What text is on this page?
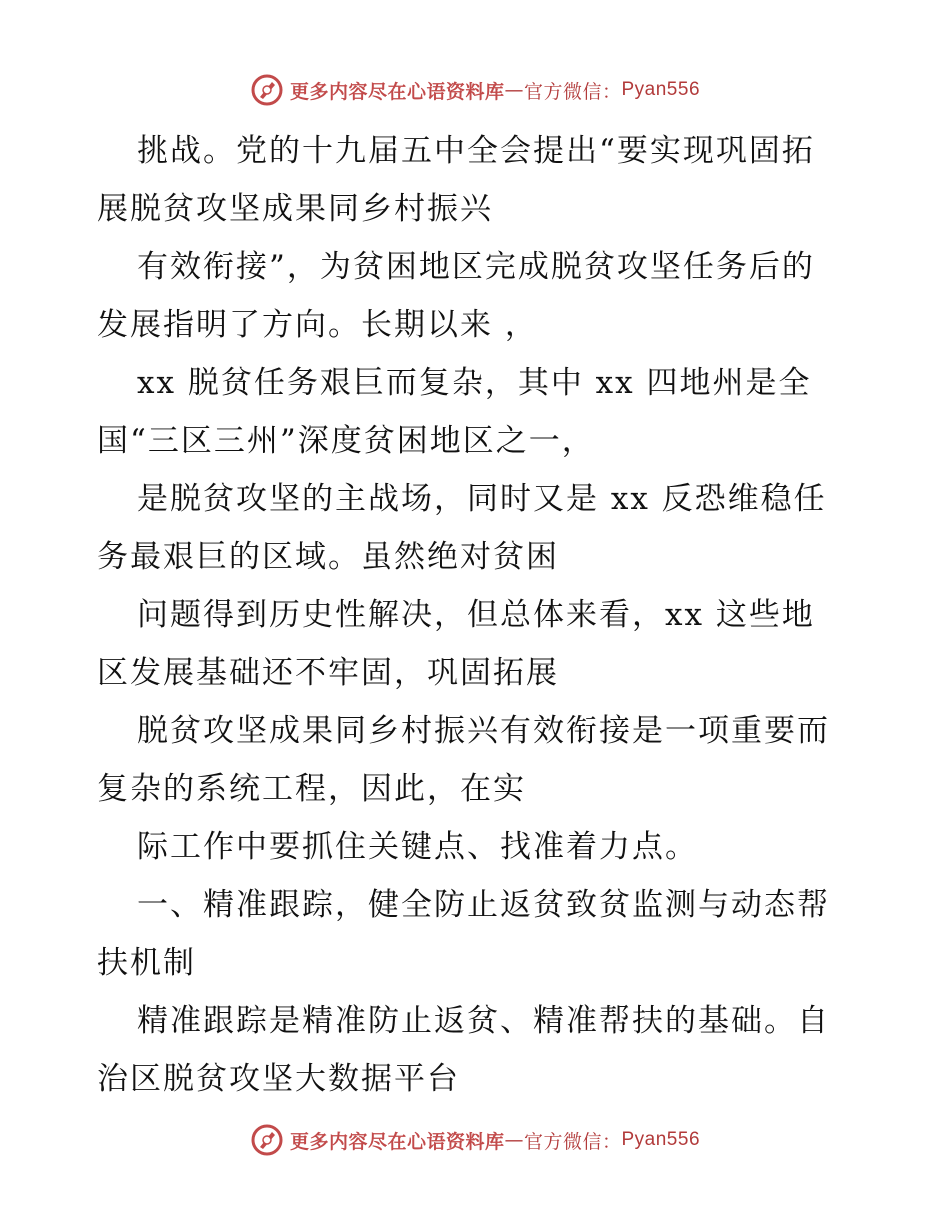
更多内容尽在心语资料库 — 官方微信： Pyan556
挑战。党的十九届五中全会提出“要实现巩固拓
展脱贫攻坚成果同乡村振兴
有效衔接”，为贫困地区完成脱贫攻坚任务后的
发展指明了方向。长期以来 ，
xx 脱贫任务艰巨而复杂，其中 xx 四地州是全
国“三区三州”深度贫困地区之一，
是脱贫攻坚的主战场，同时又是 xx 反恐维稳任
务最艰巨的区域。虽然绝对贫困
问题得到历史性解决，但总体来看，xx 这些地
区发展基础还不牢固，巩固拓展
脱贫攻坚成果同乡村振兴有效衔接是一项重要而
复杂的系统工程，因此，在实
际工作中要抓住关键点、找准着力点。
一、精准跟踪，健全防止返贫致贫监测与动态帮
扶机制
精准跟踪是精准防止返贫、精准帮扶的基础。自
治区脱贫攻坚大数据平台
更多内容尽在心语资料库 — 官方微信： Pyan556
